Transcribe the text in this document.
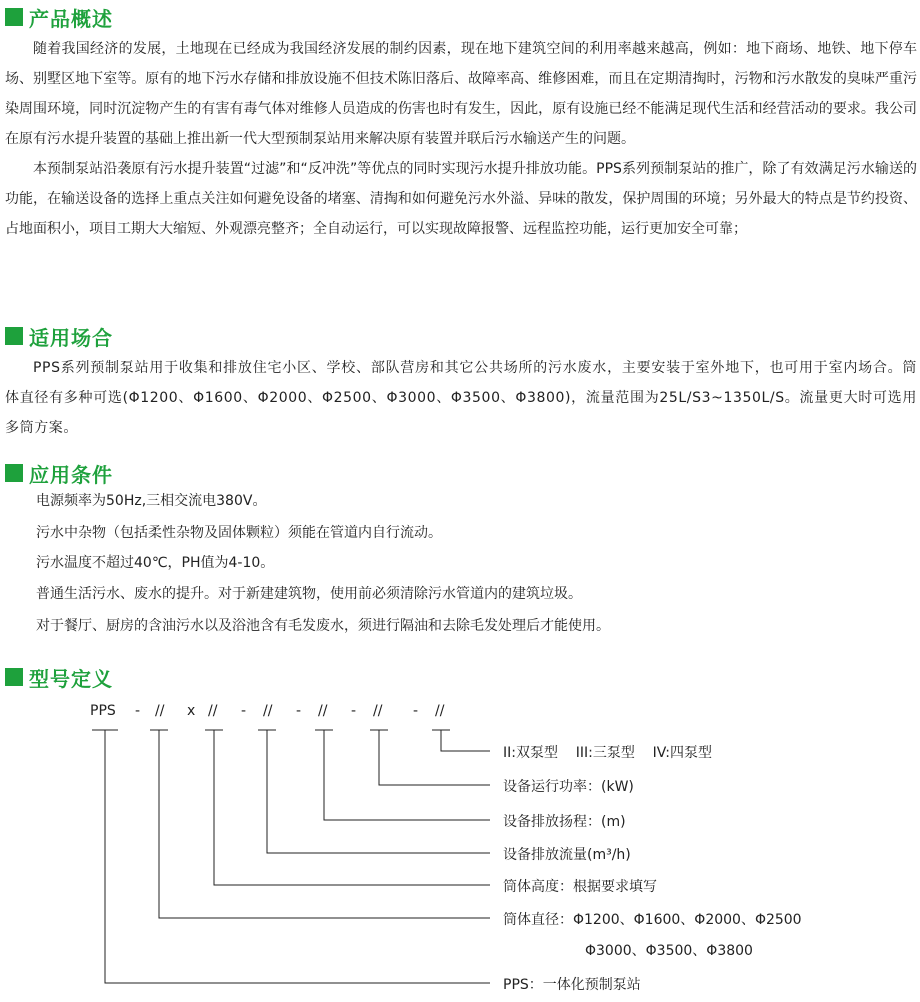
产品概述

随着我国经济的发展，土地现在已经成为我国经济发展的制约因素，现在地下建筑空间的利用率越来越高，例如：地下商场、地铁、地下停车场、别墅区地下室等。原有的地下污水存储和排放设施不但技术陈旧落后、故障率高、维修困难，而且在定期清掏时，污物和污水散发的臭味严重污染周围环境，同时沉淀物产生的有害有毒气体对维修人员造成的伤害也时有发生，因此，原有设施已经不能满足现代生活和经营活动的要求。我公司在原有污水提升装置的基础上推出新一代大型预制泵站用来解决原有装置并联后污水输送产生的问题。

本预制泵站沿袭原有污水提升装置“过滤”和“反冲洗”等优点的同时实现污水提升排放功能。PPS系列预制泵站的推广，除了有效满足污水输送的功能，在输送设备的选择上重点关注如何避免设备的堵塞、清掏和如何避免污水外溢、异味的散发，保护周围的环境；另外最大的特点是节约投资、占地面积小，项目工期大大缩短、外观漂亮整齐；全自动运行，可以实现故障报警、远程监控功能，运行更加安全可靠；

适用场合

PPS系列预制泵站用于收集和排放住宅小区、学校、部队营房和其它公共场所的污水废水，主要安装于室外地下，也可用于室内场合。筒体直径有多种可选(Φ1200、Φ1600、Φ2000、Φ2500、Φ3000、Φ3500、Φ3800)，流量范围为25L/S3~1350L/S。流量更大时可选用多筒方案。

应用条件
电源频率为50Hz,三相交流电380V。
污水中杂物（包括柔性杂物及固体颗粒）须能在管道内自行流动。
污水温度不超过40℃，PH值为4-10。
普通生活污水、废水的提升。对于新建建筑物，使用前必须清除污水管道内的建筑垃圾。
对于餐厅、厨房的含油污水以及浴池含有毛发废水，须进行隔油和去除毛发处理后才能使用。
型号定义
PPS - // x // - // - // - // - //
II:双泵型    III:三泵型    IV:四泵型
设备运行功率：(kW)
设备排放扬程：(m)
设备排放流量(m³/h)
筒体高度：根据要求填写
筒体直径：Φ1200、Φ1600、Φ2000、Φ2500
Φ3000、Φ3500、Φ3800
PPS：一体化预制泵站
